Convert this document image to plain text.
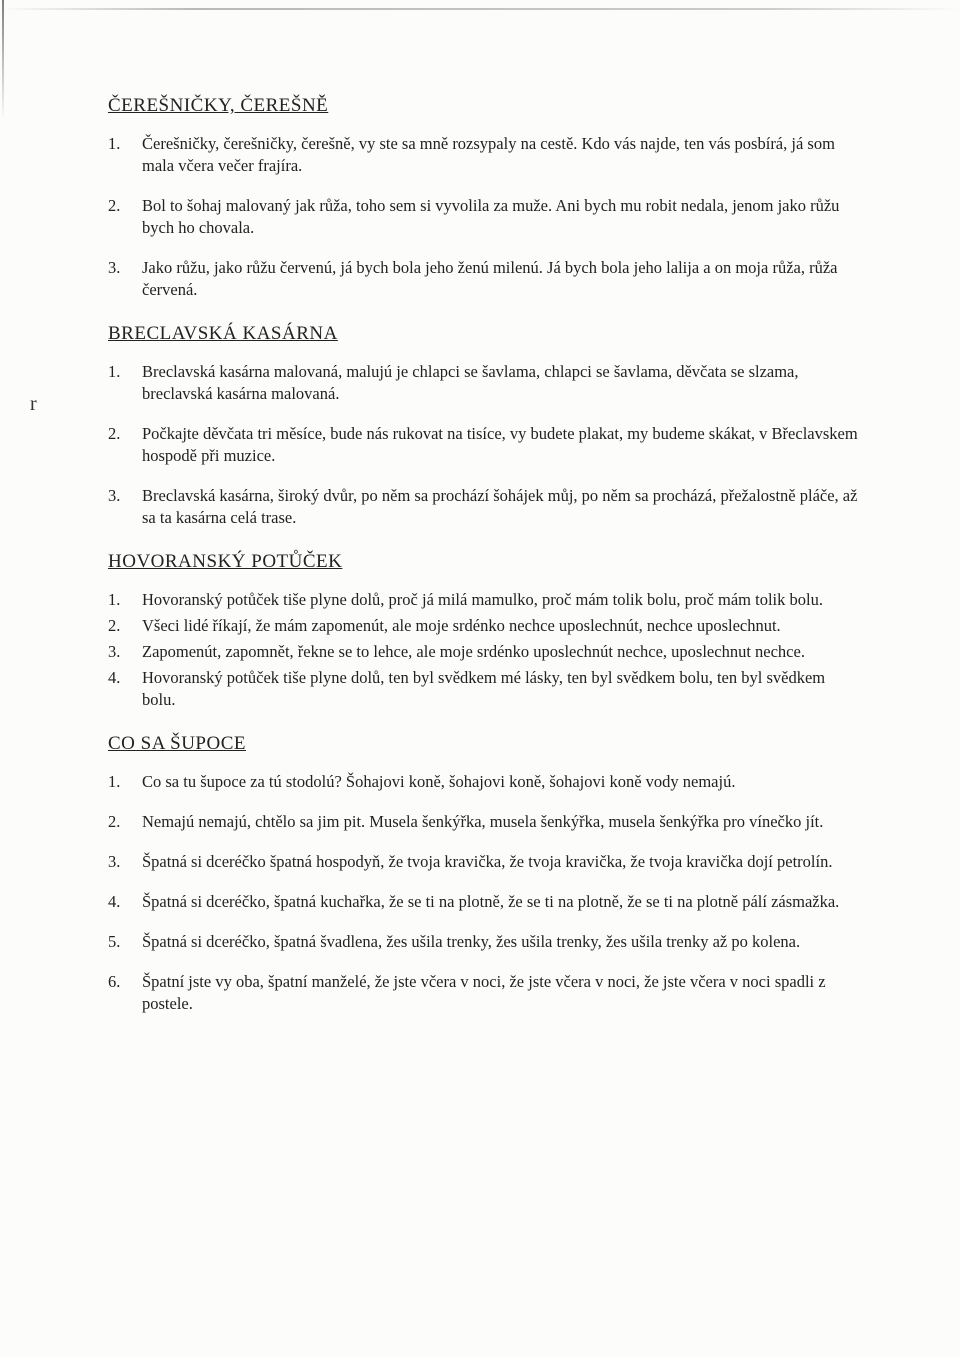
r
ČEREŠNIČKY, ČEREŠNĚ
1. Čerešničky, čerešničky, čerešně, vy ste sa mně rozsypaly na cestě. Kdo vás najde, ten vás posbírá, já som mala včera večer frajíra.
2. Bol to šohaj malovaný jak růža, toho sem si vyvolila za muže. Ani bych mu robit nedala, jenom jako růžu bych ho chovala.
3. Jako růžu, jako růžu červenú, já bych bola jeho ženú milenú. Já bych bola jeho lalija a on moja růža, růža červená.
BRECLAVSKÁ KASÁRNA
1. Breclavská kasárna malovaná, malujú je chlapci se šavlama, chlapci se šavlama, děvčata se slzama, breclavská kasárna malovaná.
2. Počkajte děvčata tri měsíce, bude nás rukovat na tisíce, vy budete plakat, my budeme skákat, v Břeclavskem hospodě při muzice.
3. Breclavská kasárna, široký dvůr, po něm sa prochází šohájek můj, po něm sa procházá, přežalostně pláče, až sa ta kasárna celá trase.
HOVORANSKÝ POTŮČEK
1. Hovoranský potůček tiše plyne dolů, proč já milá mamulko, proč mám tolik bolu, proč mám tolik bolu.
2. Všeci lidé říkají, že mám zapomenút, ale moje srdénko nechce uposlechnút, nechce uposlechnut.
3. Zapomenút, zapomnět, řekne se to lehce, ale moje srdénko uposlechnút nechce, uposlechnut nechce.
4. Hovoranský potůček tiše plyne dolů, ten byl svědkem mé lásky, ten byl svědkem bolu, ten byl svědkem bolu.
CO SA ŠUPOCE
1. Co sa tu šupoce za tú stodolú? Šohajovi koně, šohajovi koně, šohajovi koně vody nemajú.
2. Nemajú nemajú, chtělo sa jim pit. Musela šenkýřka, musela šenkýřka, musela šenkýřka pro vínečko jít.
3. Špatná si dceréčko špatná hospodyň, že tvoja kravička, že tvoja kravička, že tvoja kravička dojí petrolín.
4. Špatná si dceréčko, špatná kuchařka, že se ti na plotně, že se ti na plotně, že se ti na plotně pálí zásmažka.
5. Špatná si dceréčko, špatná švadlena, žes ušila trenky, žes ušila trenky, žes ušila trenky až po kolena.
6. Špatní jste vy oba, špatní manželé, že jste včera v noci, že jste včera v noci, že jste včera v noci spadli z postele.
